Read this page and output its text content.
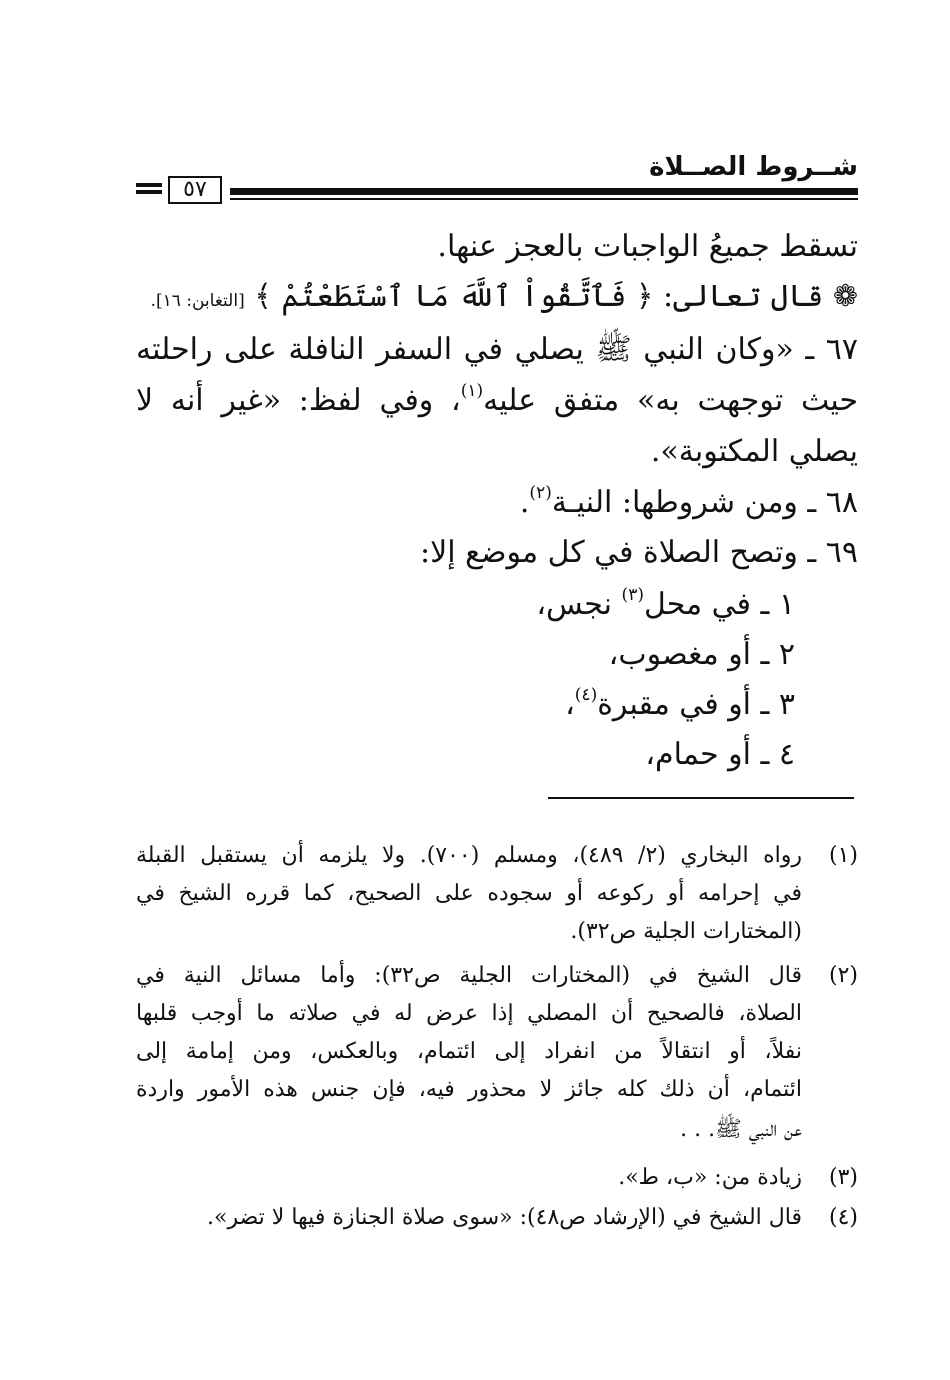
شــروط الصــلاة
٥٧
تسقط جميعُ الواجبات بالعجز عنها.
❁ قال تعالى: ﴿ فَٱتَّقُواْ ٱللَّهَ مَا ٱسْتَطَعْتُمْ ﴾ [التغابن: ١٦].
٦٧ ـ «وكان النبي ﷺ يصلي في السفر النافلة على راحلته
حيث توجهت به» متفق عليه$^{(١)}$، وفي لفظ: «غير أنه لا
يصلي المكتوبة».
٦٨ ـ ومن شروطها: النيـة$^{(٢)}$.
٦٩ ـ وتصح الصلاة في كل موضع إلا:
١ ـ في محل$^{(٣)}$ نجس،
٢ ـ أو مغصوب،
٣ ـ أو في مقبرة$^{(٤)}$،
٤ ـ أو حمام،
(١)
رواه البخاري (٢/ ٤٨٩)، ومسلم (٧٠٠). ولا يلزمه أن يستقبل القبلة
في إحرامه أو ركوعه أو سجوده على الصحيح، كما قرره الشيخ في
(المختارات الجلية ص٣٢).
(٢)
قال الشيخ في (المختارات الجلية ص٣٢): وأما مسائل النية في
الصلاة، فالصحيح أن المصلي إذا عرض له في صلاته ما أوجب قلبها
نفلاً، أو انتقالاً من انفراد إلى ائتمام، وبالعكس، ومن إمامة إلى
ائتمام، أن ذلك كله جائز لا محذور فيه، فإن جنس هذه الأمور واردة
عن النبي ﷺ. . .
(٣)
زيادة من: «ب، ط».
(٤)
قال الشيخ في (الإرشاد ص٤٨): «سوى صلاة الجنازة فيها لا تضر».
